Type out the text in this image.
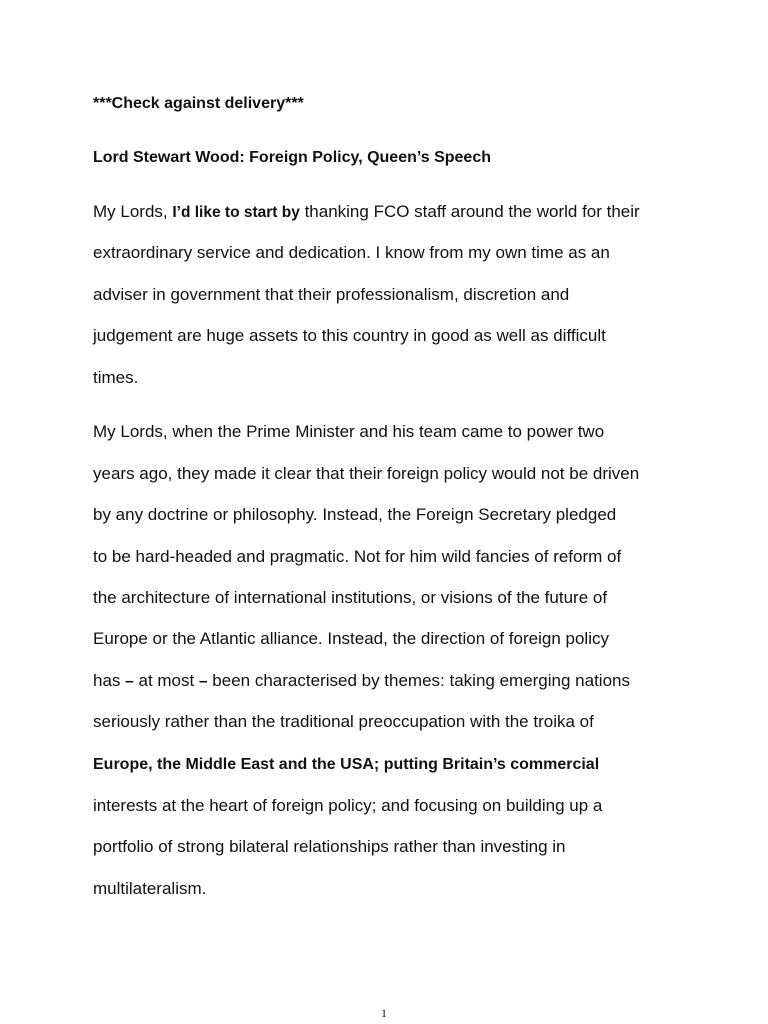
***Check against delivery***
Lord Stewart Wood: Foreign Policy, Queen’s Speech
My Lords, I’d like to start by thanking FCO staff around the world for their
extraordinary service and dedication. I know from my own time as an
adviser in government that their professionalism, discretion and
judgement are huge assets to this country in good as well as difficult
times.
My Lords, when the Prime Minister and his team came to power two
years ago, they made it clear that their foreign policy would not be driven
by any doctrine or philosophy. Instead, the Foreign Secretary pledged
to be hard-headed and pragmatic. Not for him wild fancies of reform of
the architecture of international institutions, or visions of the future of
Europe or the Atlantic alliance. Instead, the direction of foreign policy
has – at most – been characterised by themes: taking emerging nations
seriously rather than the traditional preoccupation with the troika of
Europe, the Middle East and the USA; putting Britain’s commercial
interests at the heart of foreign policy; and focusing on building up a
portfolio of strong bilateral relationships rather than investing in
multilateralism.
1
